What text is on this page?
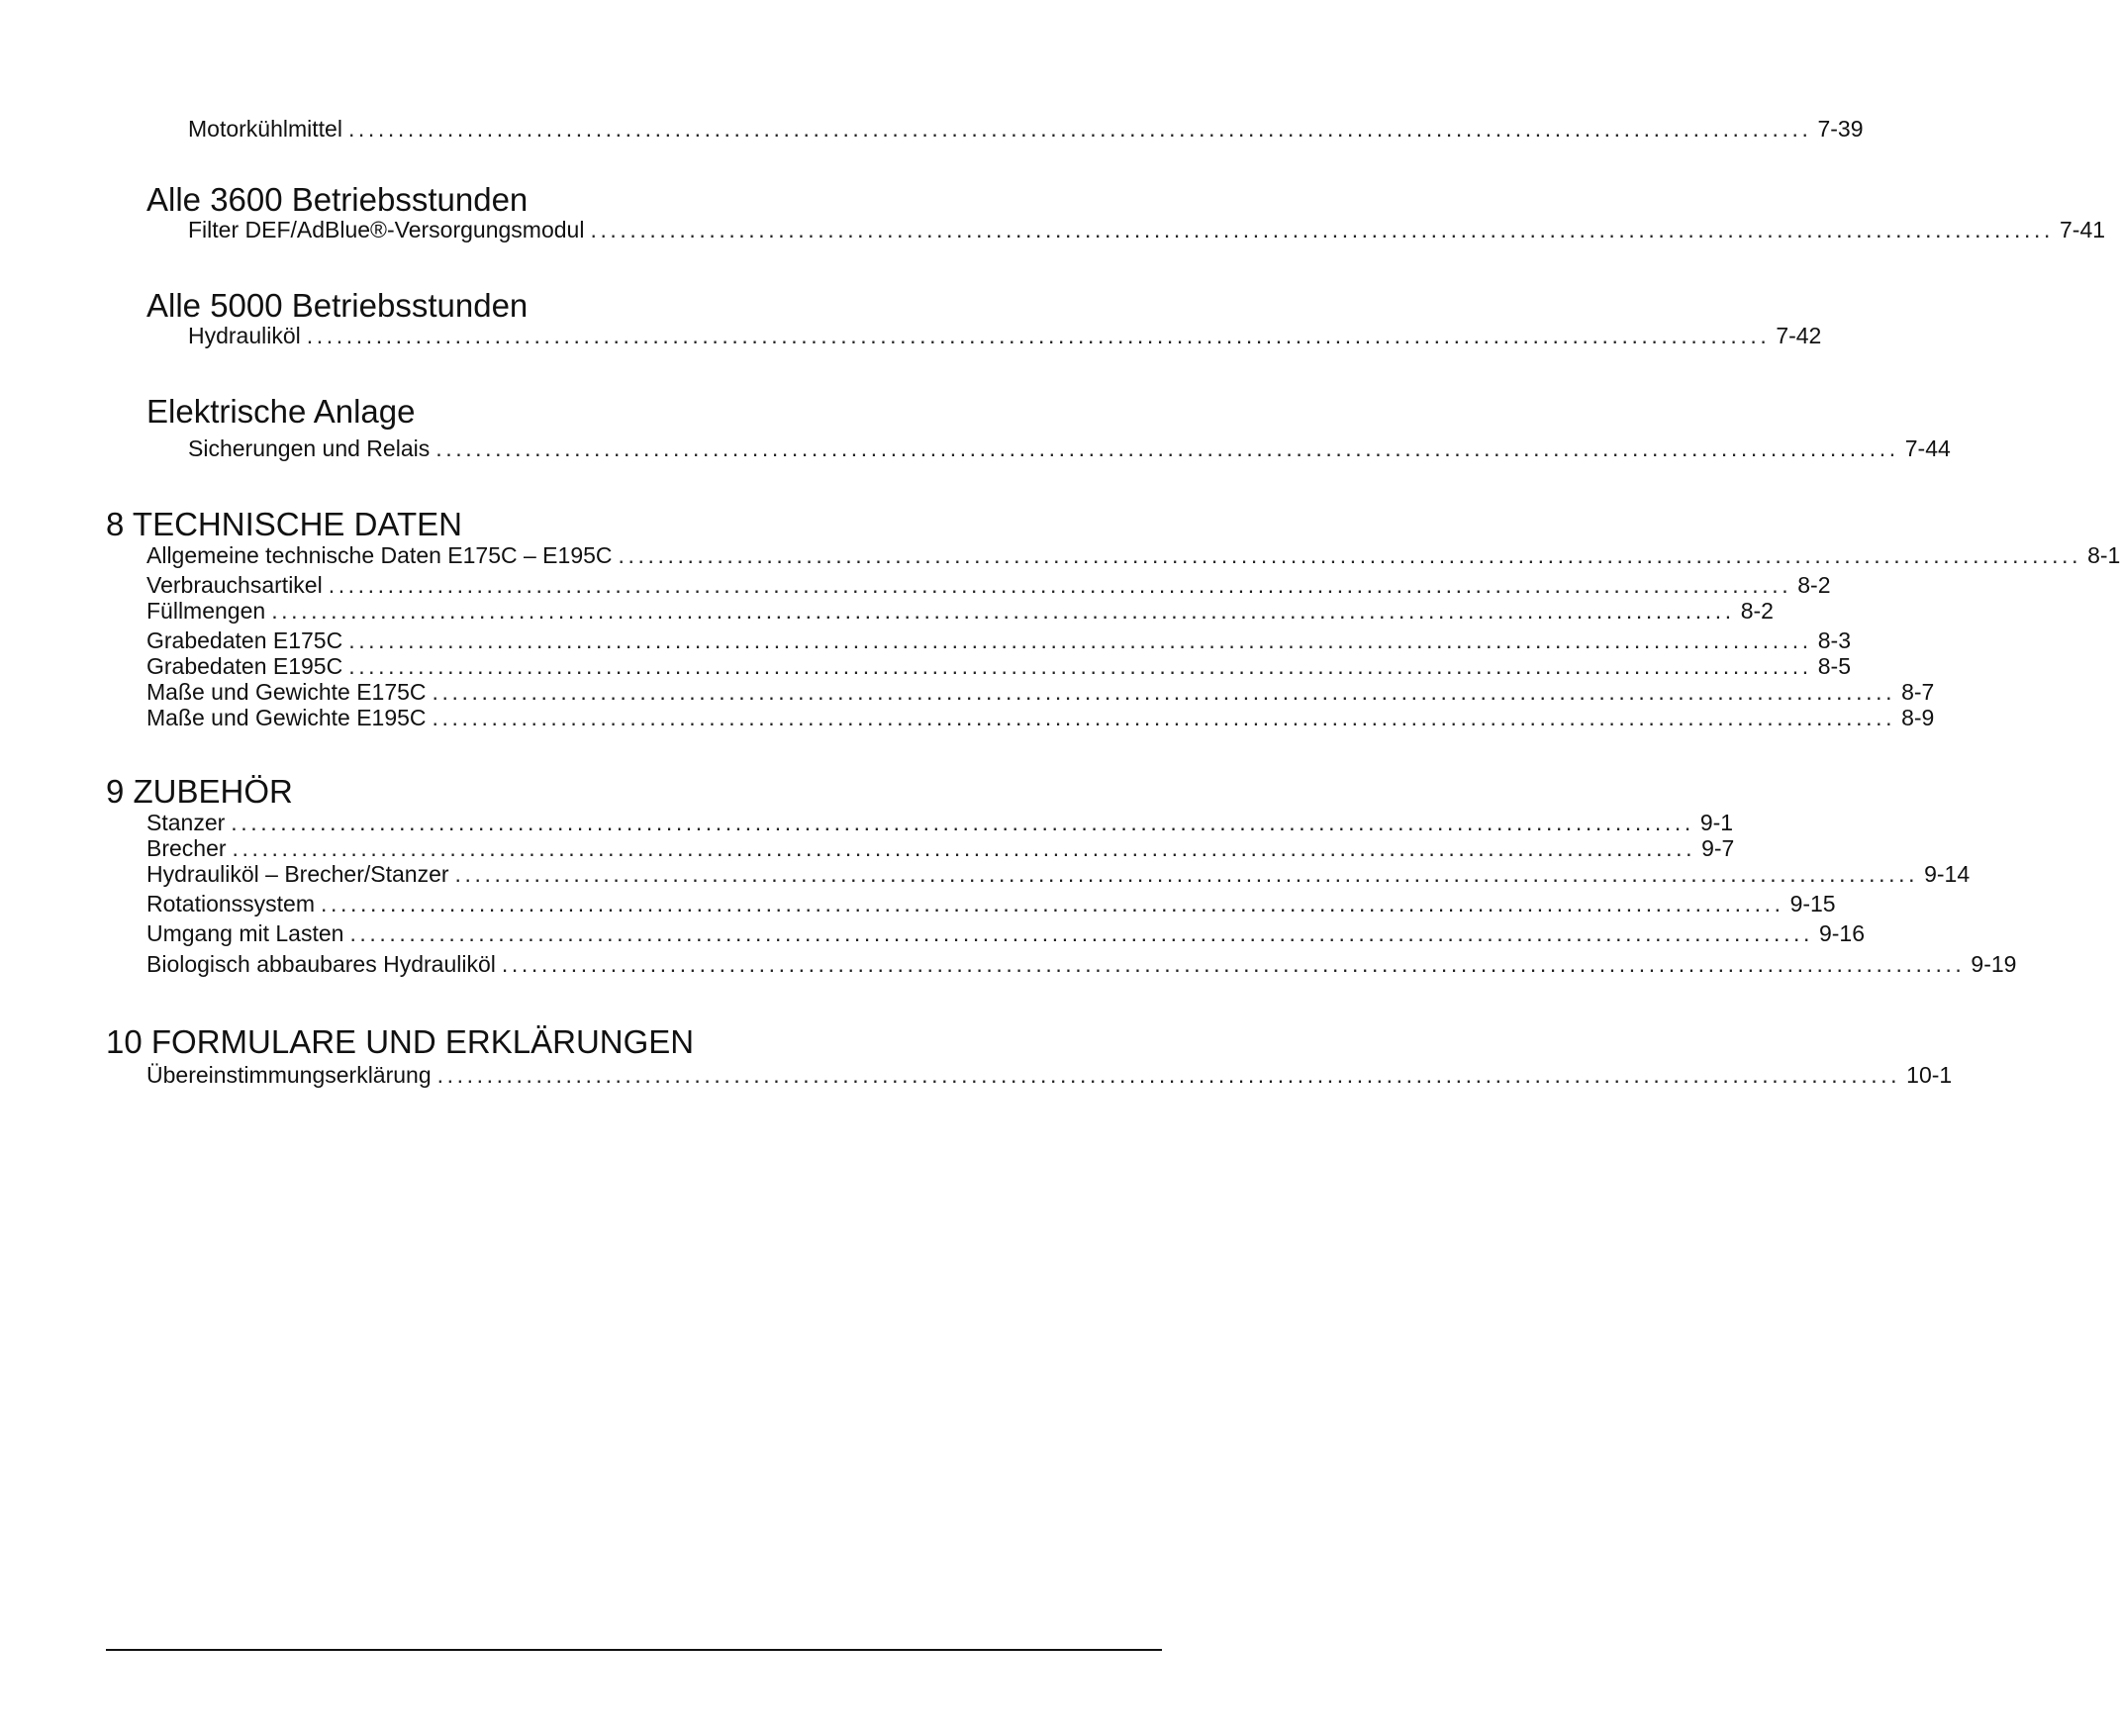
Motorkühlmittel .................................................................................................................................................... 7-39
Alle 3600 Betriebsstunden
Filter DEF/AdBlue®-Versorgungsmodul .................................................................................................................................................... 7-41
Alle 5000 Betriebsstunden
Hydrauliköl .................................................................................................................................................... 7-42
Elektrische Anlage
Sicherungen und Relais .................................................................................................................................................... 7-44
8 TECHNISCHE DATEN
Allgemeine technische Daten E175C – E195C .................................................................................................................................................... 8-1
Verbrauchsartikel .................................................................................................................................................... 8-2
Füllmengen .................................................................................................................................................... 8-2
Grabedaten E175C .................................................................................................................................................... 8-3
Grabedaten E195C .................................................................................................................................................... 8-5
Maße und Gewichte E175C .................................................................................................................................................... 8-7
Maße und Gewichte E195C .................................................................................................................................................... 8-9
9 ZUBEHÖR
Stanzer .................................................................................................................................................... 9-1
Brecher .................................................................................................................................................... 9-7
Hydrauliköl – Brecher/Stanzer .................................................................................................................................................... 9-14
Rotationssystem .................................................................................................................................................... 9-15
Umgang mit Lasten .................................................................................................................................................... 9-16
Biologisch abbaubares Hydrauliköl .................................................................................................................................................... 9-19
10 FORMULARE UND ERKLÄRUNGEN
Übereinstimmungserklärung .................................................................................................................................................... 10-1
